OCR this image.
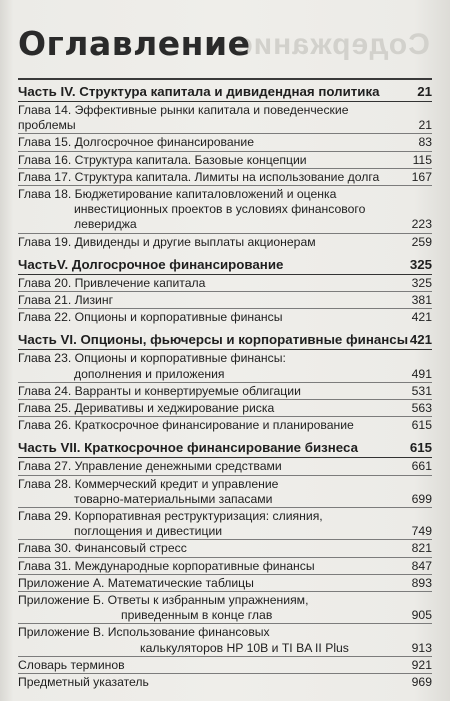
Содержание
Оглавление
Часть IV. Структура капитала и дивидендная политика	21
Глава 14. Эффективные рынки капитала и поведенческие проблемы	21
Глава 15. Долгосрочное финансирование	83
Глава 16. Структура капитала. Базовые концепции	115
Глава 17. Структура капитала. Лимиты на использование долга	167
Глава 18. Бюджетирование капиталовложений и оценка
инвестиционных проектов в условиях финансового левериджа	223
Глава 19. Дивиденды и другие выплаты акционерам	259
ЧастьV. Долгосрочное финансирование	325
Глава 20. Привлечение капитала	325
Глава 21. Лизинг	381
Глава 22. Опционы и корпоративные финансы	421
Часть VI. Опционы, фьючерсы и корпоративные финансы 421
Глава 23. Опционы и корпоративные финансы:
дополнения и приложения	491
Глава 24. Варранты и конвертируемые облигации	531
Глава 25. Деривативы и хеджирование риска	563
Глава 26. Краткосрочное финансирование и планирование	615
Часть VII. Краткосрочное финансирование бизнеса	615
Глава 27. Управление денежными средствами	661
Глава 28. Коммерческий кредит и управление
товарно-материальными запасами	699
Глава 29. Корпоративная реструктуризация: слияния,
поглощения и дивестиции	749
Глава 30. Финансовый стресс	821
Глава 31. Международные корпоративные финансы	847
Приложение А. Математические таблицы	893
Приложение Б. Ответы к избранным упражнениям,
приведенным в конце глав	905
Приложение В. Использование финансовых
калькуляторов HP 10B и TI BA II Plus	913
Словарь терминов	921
Предметный указатель	969
